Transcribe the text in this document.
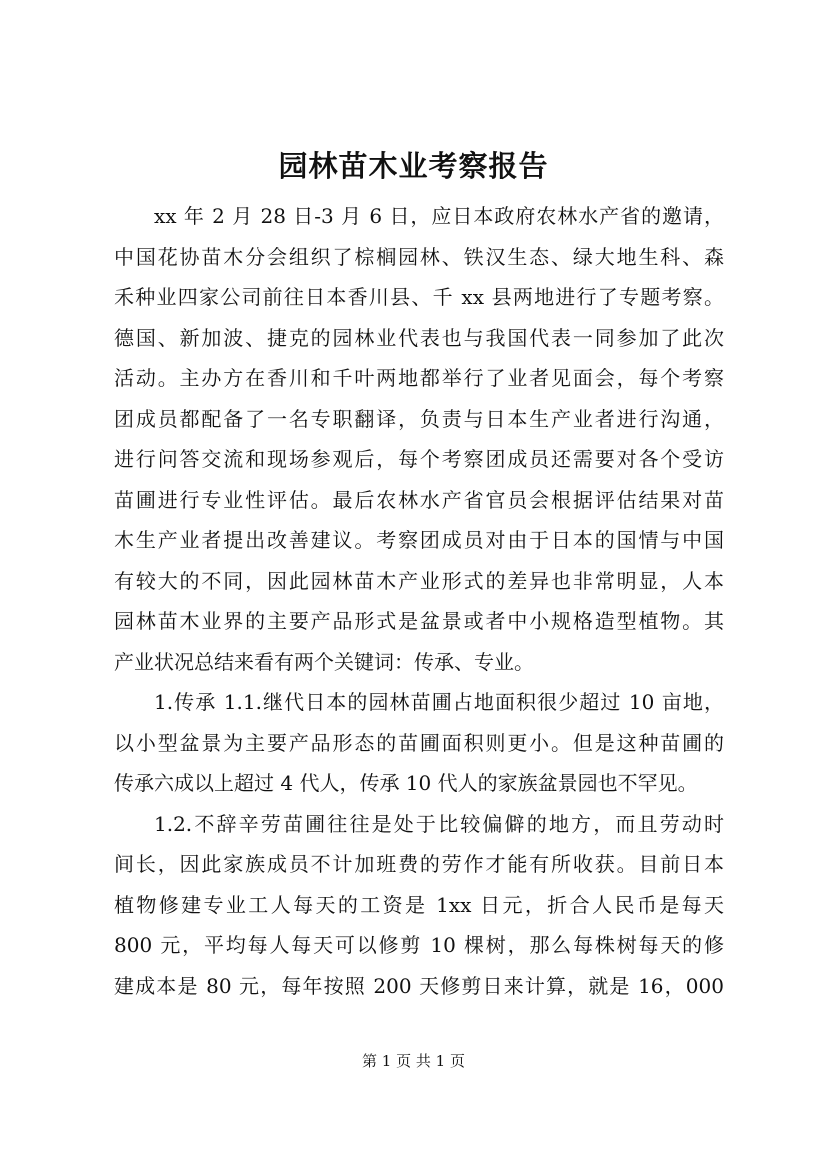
园林苗木业考察报告
xx 年 2 月 28 日-3 月 6 日，应日本政府农林水产省的邀请，
中国花协苗木分会组织了棕榈园林、铁汉生态、绿大地生科、森
禾种业四家公司前往日本香川县、千 xx 县两地进行了专题考察。
德国、新加波、捷克的园林业代表也与我国代表一同参加了此次
活动。主办方在香川和千叶两地都举行了业者见面会，每个考察
团成员都配备了一名专职翻译，负责与日本生产业者进行沟通，
进行问答交流和现场参观后，每个考察团成员还需要对各个受访
苗圃进行专业性评估。最后农林水产省官员会根据评估结果对苗
木生产业者提出改善建议。考察团成员对由于日本的国情与中国
有较大的不同，因此园林苗木产业形式的差异也非常明显，人本
园林苗木业界的主要产品形式是盆景或者中小规格造型植物。其
产业状况总结来看有两个关键词：传承、专业。
1.传承 1.1.继代日本的园林苗圃占地面积很少超过 10 亩地，
以小型盆景为主要产品形态的苗圃面积则更小。但是这种苗圃的
传承六成以上超过 4 代人，传承 10 代人的家族盆景园也不罕见。
1.2.不辞辛劳苗圃往往是处于比较偏僻的地方，而且劳动时
间长，因此家族成员不计加班费的劳作才能有所收获。目前日本
植物修建专业工人每天的工资是 1xx 日元，折合人民币是每天
800 元，平均每人每天可以修剪 10 棵树，那么每株树每天的修
建成本是 80 元，每年按照 200 天修剪日来计算，就是 16，000
第 1 页 共 1 页
